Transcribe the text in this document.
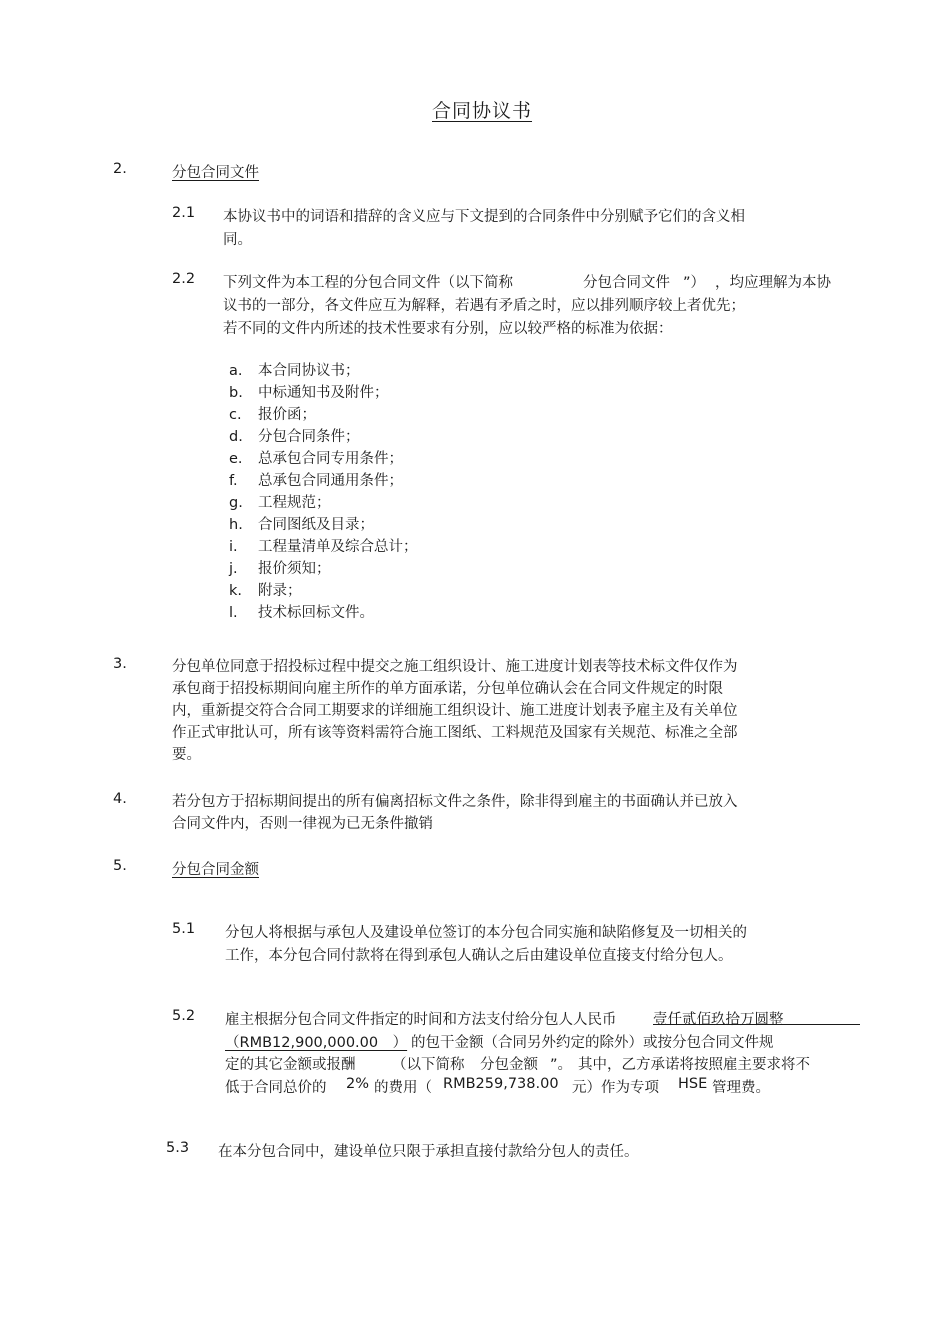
合同协议书
2.	分包合同文件
2.1 本协议书中的词语和措辞的含义应与下文提到的合同条件中分别赋予它们的含义相
同。
2.2 下列文件为本工程的分包合同文件（以下简称	分包合同文件 ”） ，均应理解为本协
议书的一部分，各文件应互为解释，若遇有矛盾之时，应以排列顺序较上者优先；
若不同的文件内所述的技术性要求有分别，应以较严格的标准为依据：
a. 本合同协议书；
b. 中标通知书及附件；
c. 报价函；
d. 分包合同条件；
e. 总承包合同专用条件；
f. 总承包合同通用条件；
g. 工程规范；
h. 合同图纸及目录；
i. 工程量清单及综合总计；
j. 报价须知；
k. 附录；
l. 技术标回标文件。
3.	分包单位同意于招投标过程中提交之施工组织设计、施工进度计划表等技术标文件仅作为
承包商于招投标期间向雇主所作的单方面承诺，分包单位确认会在合同文件规定的时限
内，重新提交符合合同工期要求的详细施工组织设计、施工进度计划表予雇主及有关单位
作正式审批认可，所有该等资料需符合施工图纸、工料规范及国家有关规范、标准之全部
要。
4.	若分包方于招标期间提出的所有偏离招标文件之条件，除非得到雇主的书面确认并已放入
合同文件内，否则一律视为已无条件撤销
5.	分包合同金额
5.1 分包人将根据与承包人及建设单位签订的本分包合同实施和缺陷修复及一切相关的
工作，本分包合同付款将在得到承包人确认之后由建设单位直接支付给分包人。
5.2 雇主根据分包合同文件指定的时间和方法支付给分包人人民币	壹仟贰佰玖拾万圆整
（RMB12,900,000.00　） 的包干金额（合同另外约定的除外）或按分包合同文件规
定的其它金额或报酬	（以下简称 分包金额 ”。 其中，乙方承诺将按照雇主要求将不
低于合同总价的 2% 的费用（ RMB259,738.00 元）作为专项 HSE 管理费。
5.3 在本分包合同中，建设单位只限于承担直接付款给分包人的责任。
